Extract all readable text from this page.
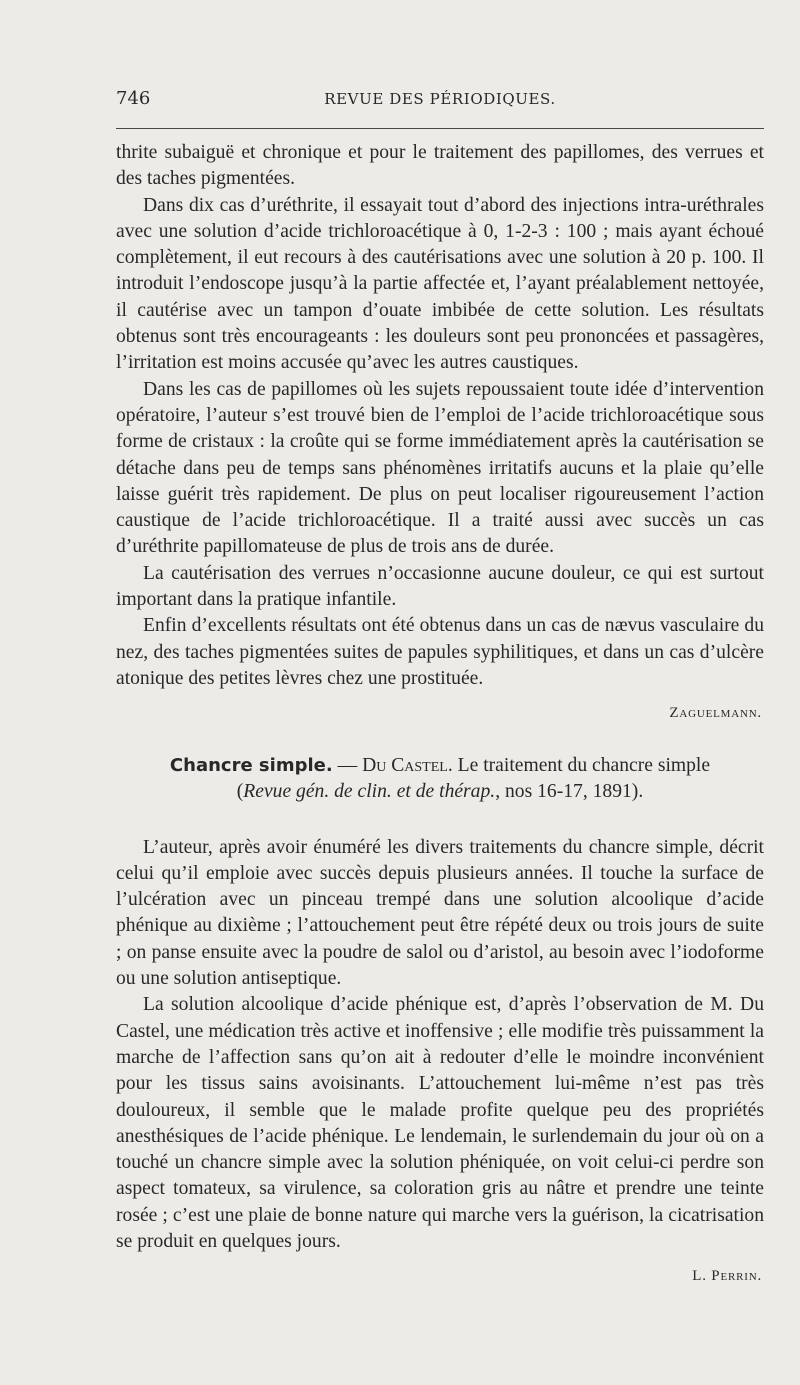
746	REVUE DES PÉRIODIQUES.

thrite subaiguë et chronique et pour le traitement des papillomes, des verrues et des taches pigmentées.

Dans dix cas d’uréthrite, il essayait tout d’abord des injections intra-uréthrales avec une solution d’acide trichloroacétique à 0, 1-2-3 : 100 ; mais ayant échoué complètement, il eut recours à des cautérisations avec une solution à 20 p. 100. Il introduit l’endoscope jusqu’à la partie affectée et, l’ayant préalablement nettoyée, il cautérise avec un tampon d’ouate imbibée de cette solution. Les résultats obtenus sont très encourageants : les douleurs sont peu prononcées et passagères, l’irritation est moins accusée qu’avec les autres caustiques.

Dans les cas de papillomes où les sujets repoussaient toute idée d’intervention opératoire, l’auteur s’est trouvé bien de l’emploi de l’acide trichloroacétique sous forme de cristaux : la croûte qui se forme immédiatement après la cautérisation se détache dans peu de temps sans phénomènes irritatifs aucuns et la plaie qu’elle laisse guérit très rapidement. De plus on peut localiser rigoureusement l’action caustique de l’acide trichloroacétique. Il a traité aussi avec succès un cas d’uréthrite papillomateuse de plus de trois ans de durée.

La cautérisation des verrues n’occasionne aucune douleur, ce qui est surtout important dans la pratique infantile.

Enfin d’excellents résultats ont été obtenus dans un cas de nævus vasculaire du nez, des taches pigmentées suites de papules syphilitiques, et dans un cas d’ulcère atonique des petites lèvres chez une prostituée.

Zaguelmann.
Chancre simple. — Du Castel. Le traitement du chancre simple
(Revue gén. de clin. et de thérap., nos 16-17, 1891).

L’auteur, après avoir énuméré les divers traitements du chancre simple, décrit celui qu’il emploie avec succès depuis plusieurs années. Il touche la surface de l’ulcération avec un pinceau trempé dans une solution alcoolique d’acide phénique au dixième ; l’attouchement peut être répété deux ou trois jours de suite ; on panse ensuite avec la poudre de salol ou d’aristol, au besoin avec l’iodoforme ou une solution antiseptique.

La solution alcoolique d’acide phénique est, d’après l’observation de M. Du Castel, une médication très active et inoffensive ; elle modifie très puissamment la marche de l’affection sans qu’on ait à redouter d’elle le moindre inconvénient pour les tissus sains avoisinants. L’attouchement lui-même n’est pas très douloureux, il semble que le malade profite quelque peu des propriétés anesthésiques de l’acide phénique. Le lendemain, le surlendemain du jour où on a touché un chancre simple avec la solution phéniquée, on voit celui-ci perdre son aspect tomateux, sa virulence, sa coloration gris au nâtre et prendre une teinte rosée ; c’est une plaie de bonne nature qui marche vers la guérison, la cicatrisation se produit en quelques jours.

L. Perrin.
